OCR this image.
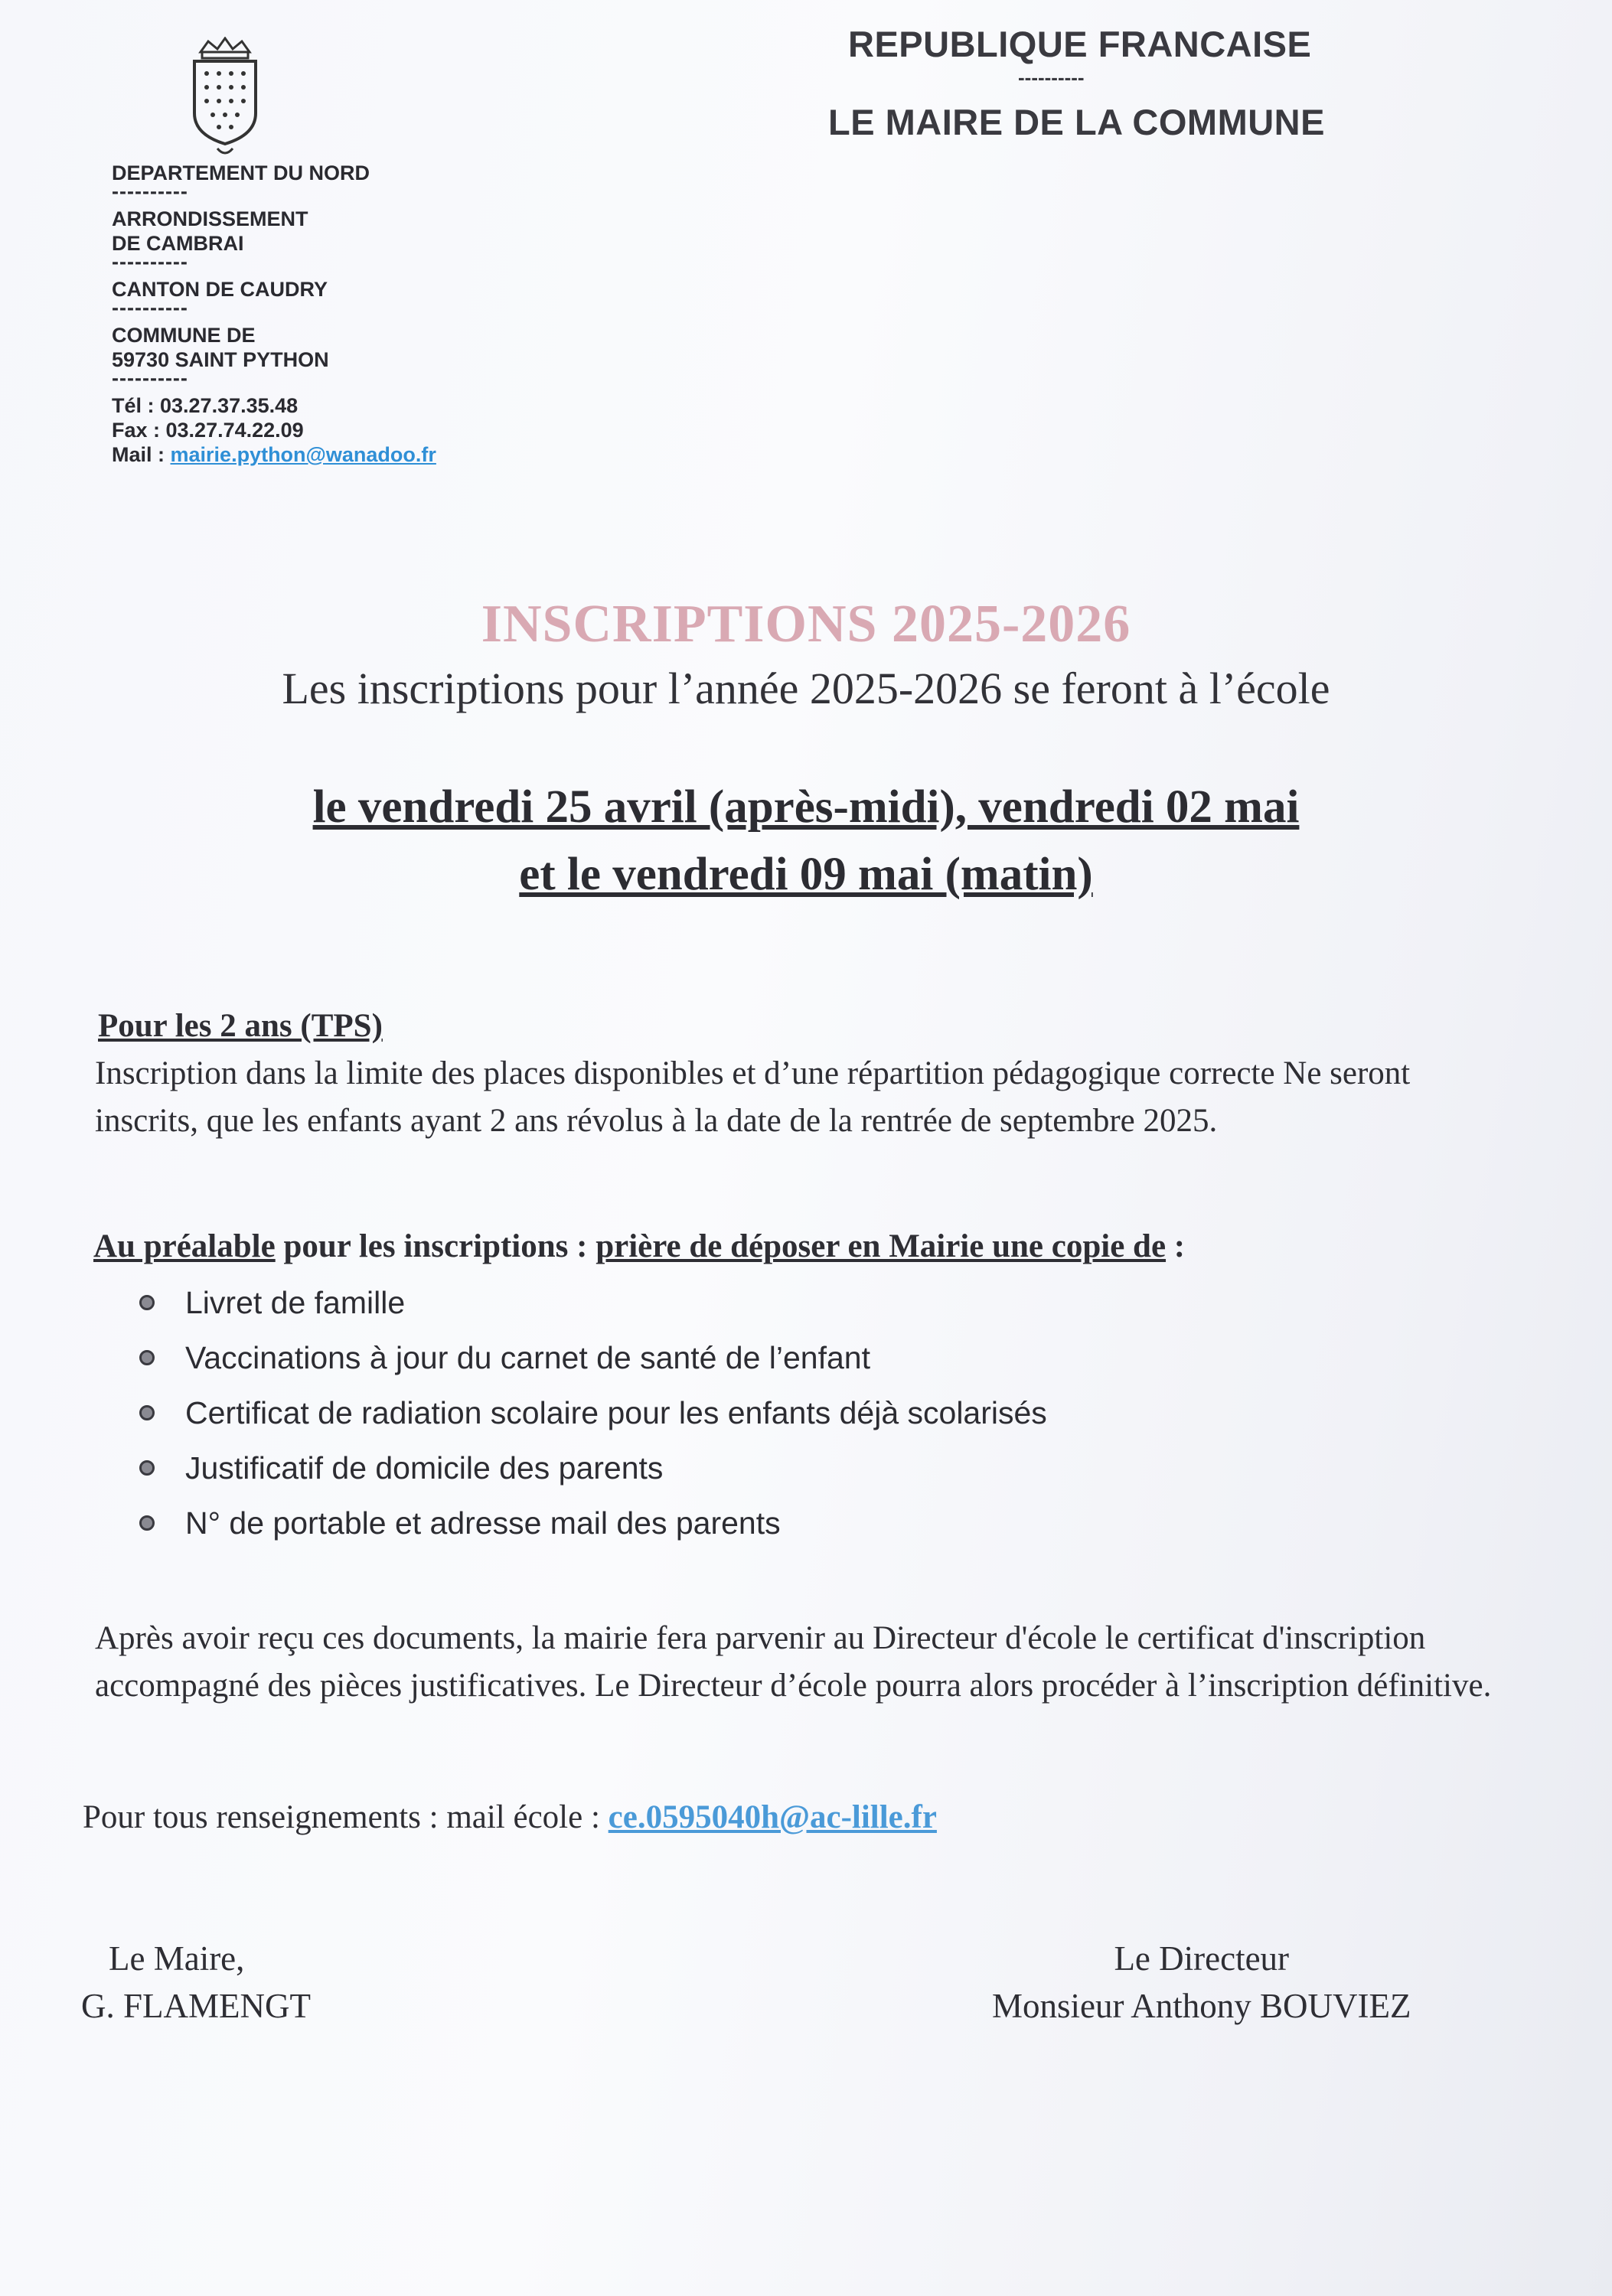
DEPARTEMENT DU NORD
----------
ARRONDISSEMENT
DE CAMBRAI
----------
CANTON DE CAUDRY
----------
COMMUNE DE
59730 SAINT PYTHON
----------
Tél : 03.27.37.35.48
Fax : 03.27.74.22.09
Mail : mairie.python@wanadoo.fr
REPUBLIQUE FRANCAISE
----------
LE MAIRE DE LA COMMUNE
INSCRIPTIONS 2025-2026
Les inscriptions pour l’année 2025-2026 se feront à l’école
le vendredi 25 avril (après-midi), vendredi 02 mai
et le vendredi 09 mai (matin)
Pour les 2 ans (TPS)
Inscription dans la limite des places disponibles et d’une répartition pédagogique correcte Ne seront inscrits, que les enfants ayant 2 ans révolus à la date de la rentrée de septembre 2025.
Au préalable pour les inscriptions : prière de déposer en Mairie une copie de :
Livret de famille
Vaccinations à jour du carnet de santé de l’enfant
Certificat de radiation scolaire pour les enfants déjà scolarisés
Justificatif de domicile des parents
N° de portable et adresse mail des parents
Après avoir reçu ces documents, la mairie fera parvenir au Directeur d'école le certificat d'inscription accompagné des pièces justificatives. Le Directeur d’école pourra alors procéder à l’inscription définitive.
Pour tous renseignements : mail école : ce.0595040h@ac-lille.fr
Le Maire,
G. FLAMENGT
Le Directeur
Monsieur Anthony BOUVIEZ
